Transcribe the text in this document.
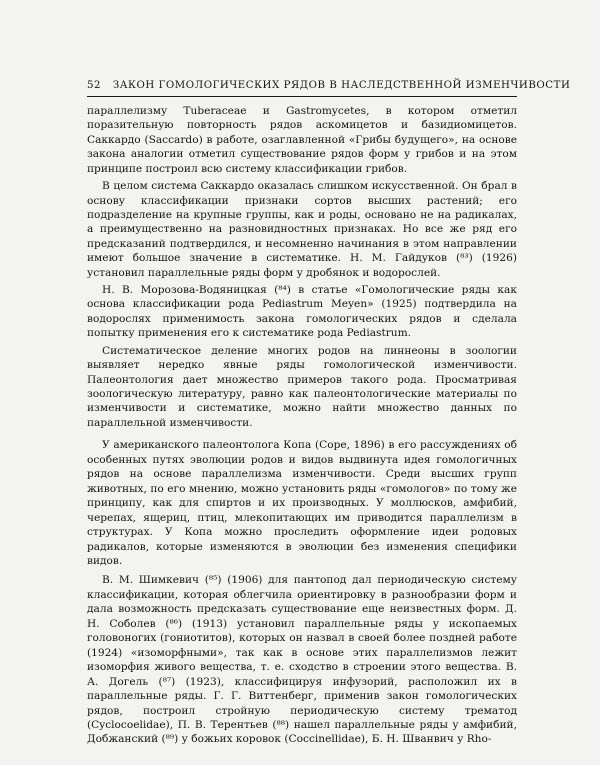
52 ЗАКОН ГОМОЛОГИЧЕСКИХ РЯДОВ В НАСЛЕДСТВЕННОЙ ИЗМЕНЧИВОСТИ

параллелизму Tuberaceae и Gastromycetes, в котором отметил поразительную повторность рядов аскомицетов и базидиомицетов. Саккардо (Saccardo) в работе, озаглавленной «Грибы будущего», на основе закона аналогии отметил существование рядов форм у грибов и на этом принципе построил всю систему классификации грибов.

В целом система Саккардо оказалась слишком искусственной. Он брал в основу классификации признаки сортов высших растений; его подразделение на крупные группы, как и роды, основано не на радикалах, а преимущественно на разновидностных признаках. Но все же ряд его предсказаний подтвердился, и несомненно начинания в этом направлении имеют большое значение в систематике. Н. М. Гайдуков (⁸³) (1926) установил параллельные ряды форм у дробянок и водорослей.

Н. В. Морозова-Водяницкая (⁸⁴) в статье «Гомологические ряды как основа классификации рода Pediastrum Meyen» (1925) подтвердила на водорослях применимость закона гомологических рядов и сделала попытку применения его к систематике рода Pediastrum.

Систематическое деление многих родов на линнеоны в зоологии выявляет нередко явные ряды гомологической изменчивости. Палеонтология дает множество примеров такого рода. Просматривая зоологическую литературу, равно как палеонтологические материалы по изменчивости и систематике, можно найти множество данных по параллельной изменчивости.

У американского палеонтолога Копа (Cope, 1896) в его рассуждениях об особенных путях эволюции родов и видов выдвинута идея гомологичных рядов на основе параллелизма изменчивости. Среди высших групп животных, по его мнению, можно установить ряды «гомологов» по тому же принципу, как для спиртов и их производных. У моллюсков, амфибий, черепах, ящериц, птиц, млекопитающих им приводится параллелизм в структурах. У Копа можно проследить оформление идеи родовых радикалов, которые изменяются в эволюции без изменения специфики видов.

В. М. Шимкевич (⁸⁵) (1906) для пантопод дал периодическую систему классификации, которая облегчила ориентировку в разнообразии форм и дала возможность предсказать существование еще неизвестных форм. Д. Н. Соболев (⁸⁶) (1913) установил параллельные ряды у ископаемых головоногих (гониотитов), которых он назвал в своей более поздней работе (1924) «изоморфными», так как в основе этих параллелизмов лежит изоморфия живого вещества, т. е. сходство в строении этого вещества. В. А. Догель (⁸⁷) (1923), классифицируя инфузорий, расположил их в параллельные ряды. Г. Г. Виттенберг, применив закон гомологических рядов, построил стройную периодическую систему трематод (Cyclocoelidae), П. В. Терентьев (⁸⁸) нашел параллельные ряды у амфибий, Добжанский (⁸⁹) у божьих коровок (Coccinellidae), Б. Н. Шванвич у Rho-
